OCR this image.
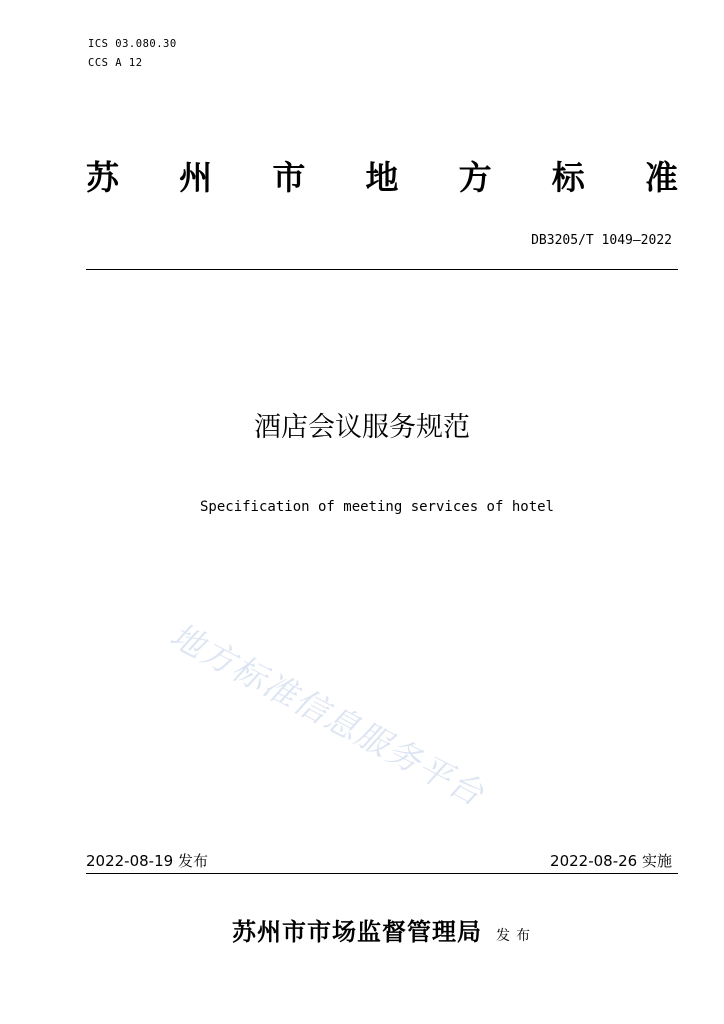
ICS 03.080.30
CCS A 12
苏 州 市 地 方 标 准
DB3205/T 1049—2022
酒店会议服务规范
Specification of meeting services of hotel
地方标准信息服务平台
2022-08-19 发布	2022-08-26 实施
苏州市市场监督管理局 发布
